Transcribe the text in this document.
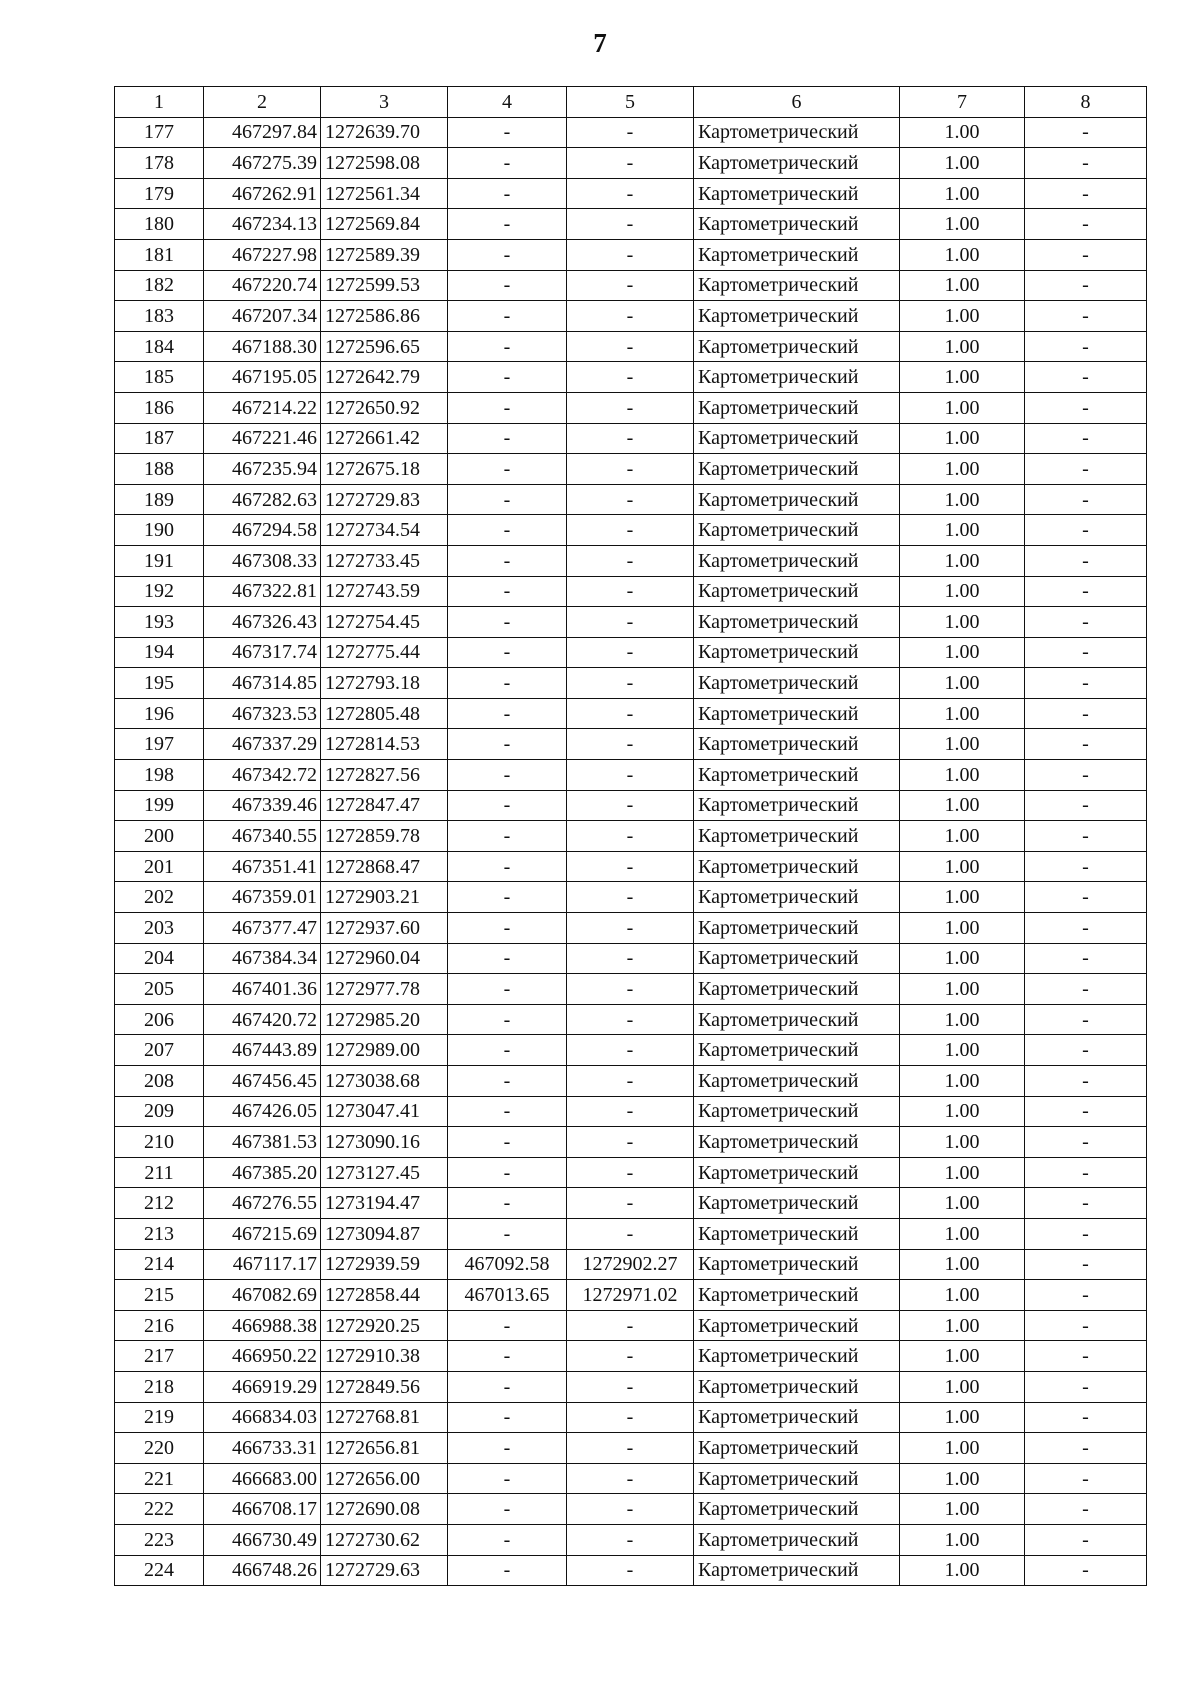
7
1	2	3	4	5	6	7	8
177	467297.84	1272639.70	-	-	Картометрический	1.00	-
178	467275.39	1272598.08	-	-	Картометрический	1.00	-
179	467262.91	1272561.34	-	-	Картометрический	1.00	-
180	467234.13	1272569.84	-	-	Картометрический	1.00	-
181	467227.98	1272589.39	-	-	Картометрический	1.00	-
182	467220.74	1272599.53	-	-	Картометрический	1.00	-
183	467207.34	1272586.86	-	-	Картометрический	1.00	-
184	467188.30	1272596.65	-	-	Картометрический	1.00	-
185	467195.05	1272642.79	-	-	Картометрический	1.00	-
186	467214.22	1272650.92	-	-	Картометрический	1.00	-
187	467221.46	1272661.42	-	-	Картометрический	1.00	-
188	467235.94	1272675.18	-	-	Картометрический	1.00	-
189	467282.63	1272729.83	-	-	Картометрический	1.00	-
190	467294.58	1272734.54	-	-	Картометрический	1.00	-
191	467308.33	1272733.45	-	-	Картометрический	1.00	-
192	467322.81	1272743.59	-	-	Картометрический	1.00	-
193	467326.43	1272754.45	-	-	Картометрический	1.00	-
194	467317.74	1272775.44	-	-	Картометрический	1.00	-
195	467314.85	1272793.18	-	-	Картометрический	1.00	-
196	467323.53	1272805.48	-	-	Картометрический	1.00	-
197	467337.29	1272814.53	-	-	Картометрический	1.00	-
198	467342.72	1272827.56	-	-	Картометрический	1.00	-
199	467339.46	1272847.47	-	-	Картометрический	1.00	-
200	467340.55	1272859.78	-	-	Картометрический	1.00	-
201	467351.41	1272868.47	-	-	Картометрический	1.00	-
202	467359.01	1272903.21	-	-	Картометрический	1.00	-
203	467377.47	1272937.60	-	-	Картометрический	1.00	-
204	467384.34	1272960.04	-	-	Картометрический	1.00	-
205	467401.36	1272977.78	-	-	Картометрический	1.00	-
206	467420.72	1272985.20	-	-	Картометрический	1.00	-
207	467443.89	1272989.00	-	-	Картометрический	1.00	-
208	467456.45	1273038.68	-	-	Картометрический	1.00	-
209	467426.05	1273047.41	-	-	Картометрический	1.00	-
210	467381.53	1273090.16	-	-	Картометрический	1.00	-
211	467385.20	1273127.45	-	-	Картометрический	1.00	-
212	467276.55	1273194.47	-	-	Картометрический	1.00	-
213	467215.69	1273094.87	-	-	Картометрический	1.00	-
214	467117.17	1272939.59	467092.58	1272902.27	Картометрический	1.00	-
215	467082.69	1272858.44	467013.65	1272971.02	Картометрический	1.00	-
216	466988.38	1272920.25	-	-	Картометрический	1.00	-
217	466950.22	1272910.38	-	-	Картометрический	1.00	-
218	466919.29	1272849.56	-	-	Картометрический	1.00	-
219	466834.03	1272768.81	-	-	Картометрический	1.00	-
220	466733.31	1272656.81	-	-	Картометрический	1.00	-
221	466683.00	1272656.00	-	-	Картометрический	1.00	-
222	466708.17	1272690.08	-	-	Картометрический	1.00	-
223	466730.49	1272730.62	-	-	Картометрический	1.00	-
224	466748.26	1272729.63	-	-	Картометрический	1.00	-
